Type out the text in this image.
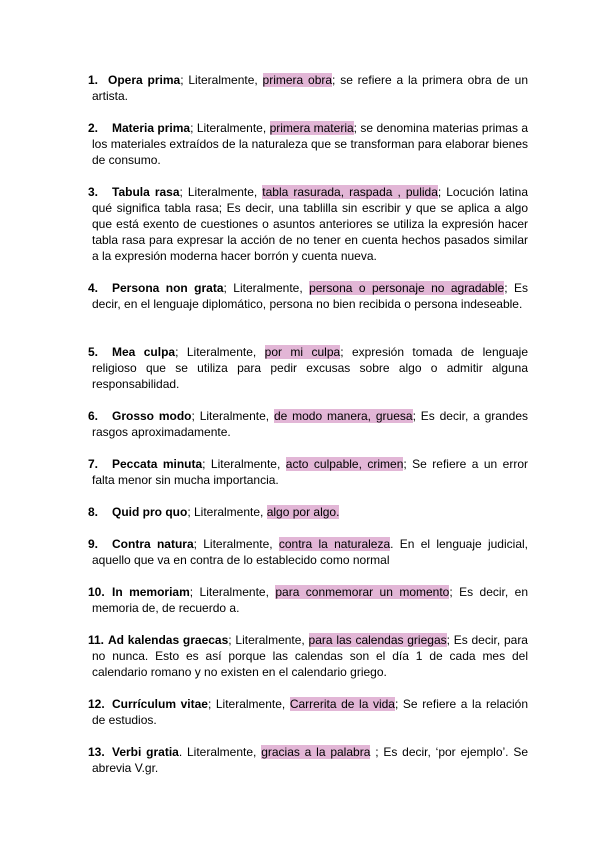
1. Opera prima; Literalmente, primera obra; se refiere a la primera obra de un artista.
2.	Materia prima; Literalmente, primera materia; se denomina materias primas a los materiales extraídos de la naturaleza que se transforman para elaborar bienes de consumo.
3.	Tabula rasa; Literalmente, tabla rasurada, raspada , pulida; Locución latina qué significa tabla rasa; Es decir, una tablilla sin escribir y que se aplica a algo que está exento de cuestiones o asuntos anteriores se utiliza la expresión hacer tabla rasa para expresar la acción de no tener en cuenta hechos pasados similar a la expresión moderna hacer borrón y cuenta nueva.
4.	Persona non grata; Literalmente, persona o personaje no agradable; Es decir, en el lenguaje diplomático, persona no bien recibida o persona indeseable.
5.	Mea culpa; Literalmente, por mi culpa; expresión tomada de lenguaje religioso que se utiliza para pedir excusas sobre algo o admitir alguna responsabilidad.
6.	Grosso modo; Literalmente, de modo manera, gruesa; Es decir, a grandes rasgos aproximadamente.
7.	Peccata minuta; Literalmente, acto culpable, crimen; Se refiere a un error falta menor sin mucha importancia.
8.	Quid pro quo; Literalmente, algo por algo.
9.	Contra natura; Literalmente, contra la naturaleza. En el lenguaje judicial, aquello que va en contra de lo establecido como normal
10. In memoriam; Literalmente, para conmemorar un momento; Es decir, en memoria de, de recuerdo a.
11. Ad kalendas graecas; Literalmente, para las calendas griegas; Es decir, para no nunca. Esto es así porque las calendas son el día 1 de cada mes del calendario romano y no existen en el calendario griego.
12. Currículum vitae; Literalmente, Carrerita de la vida; Se refiere a la relación de estudios.
13. Verbi gratia. Literalmente, gracias a la palabra ; Es decir, ‘por ejemplo’. Se abrevia V.gr.
